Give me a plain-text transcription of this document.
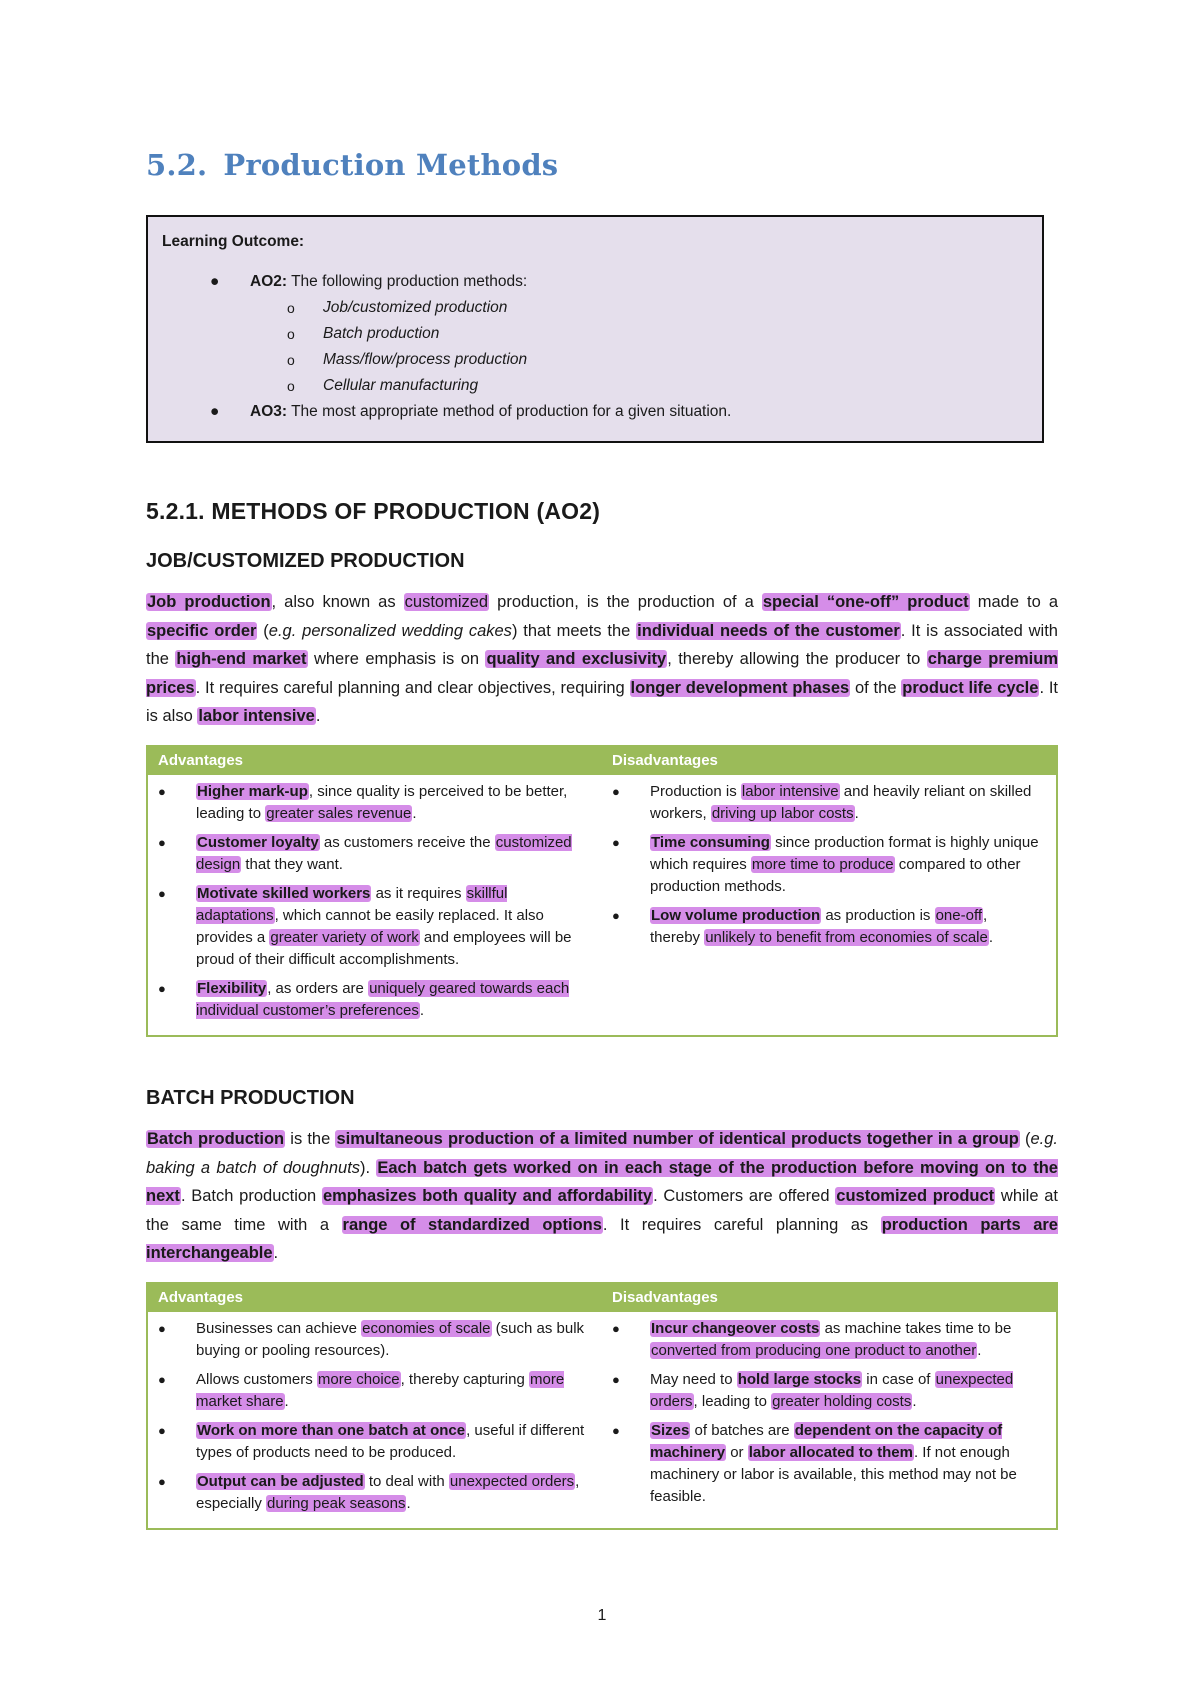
5.2. Production Methods
Learning Outcome:
● AO2: The following production methods:
o Job/customized production
o Batch production
o Mass/flow/process production
o Cellular manufacturing
● AO3: The most appropriate method of production for a given situation.
5.2.1. METHODS OF PRODUCTION (AO2)
JOB/CUSTOMIZED PRODUCTION
Job production, also known as customized production, is the production of a special “one-off” product made to a specific order (e.g. personalized wedding cakes) that meets the individual needs of the customer. It is associated with the high-end market where emphasis is on quality and exclusivity, thereby allowing the producer to charge premium prices. It requires careful planning and clear objectives, requiring longer development phases of the product life cycle. It is also labor intensive.
Advantages	Disadvantages
● Higher mark-up, since quality is perceived to be better, leading to greater sales revenue.
● Customer loyalty as customers receive the customized design that they want.
● Motivate skilled workers as it requires skillful adaptations, which cannot be easily replaced. It also provides a greater variety of work and employees will be proud of their difficult accomplishments.
● Flexibility, as orders are uniquely geared towards each individual customer’s preferences.
● Production is labor intensive and heavily reliant on skilled workers, driving up labor costs.
● Time consuming since production format is highly unique which requires more time to produce compared to other production methods.
● Low volume production as production is one-off, thereby unlikely to benefit from economies of scale.
BATCH PRODUCTION
Batch production is the simultaneous production of a limited number of identical products together in a group (e.g. baking a batch of doughnuts). Each batch gets worked on in each stage of the production before moving on to the next. Batch production emphasizes both quality and affordability. Customers are offered customized product while at the same time with a range of standardized options. It requires careful planning as production parts are interchangeable.
Advantages	Disadvantages
● Businesses can achieve economies of scale (such as bulk buying or pooling resources).
● Allows customers more choice, thereby capturing more market share.
● Work on more than one batch at once, useful if different types of products need to be produced.
● Output can be adjusted to deal with unexpected orders, especially during peak seasons.
● Incur changeover costs as machine takes time to be converted from producing one product to another.
● May need to hold large stocks in case of unexpected orders, leading to greater holding costs.
● Sizes of batches are dependent on the capacity of machinery or labor allocated to them. If not enough machinery or labor is available, this method may not be feasible.
1
